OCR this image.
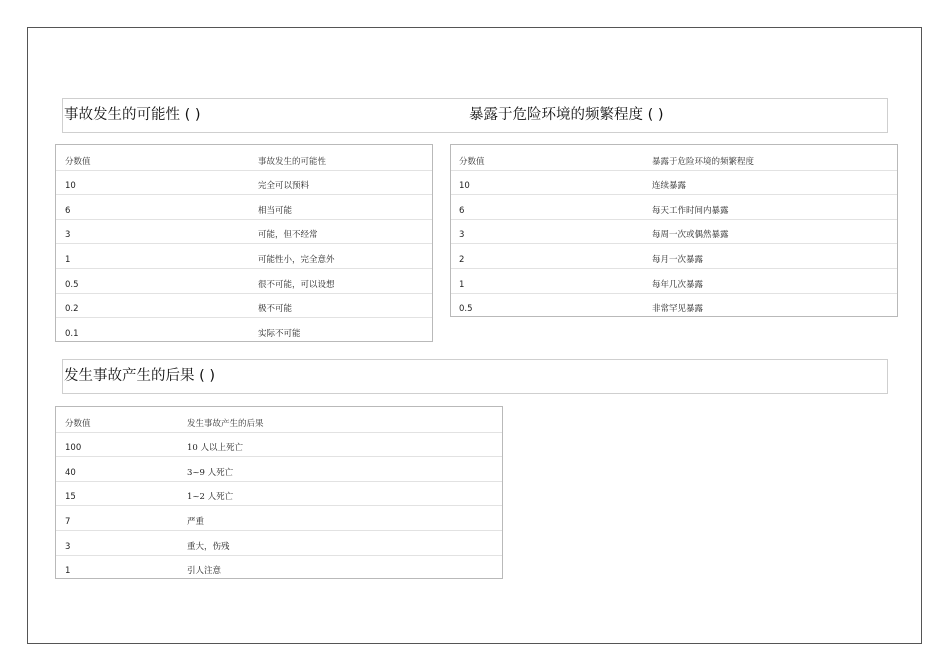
事故发生的可能性 ( )	暴露于危险环境的频繁程度 ( )
分数值	事故发生的可能性
10	完全可以预料
6	相当可能
3	可能，但不经常
1	可能性小，完全意外
0.5	很不可能，可以设想
0.2	极不可能
0.1	实际不可能
分数值	暴露于危险环境的频繁程度
10	连续暴露
6	每天工作时间内暴露
3	每周一次或偶然暴露
2	每月一次暴露
1	每年几次暴露
0.5	非常罕见暴露
发生事故产生的后果 ( )
分数值	发生事故产生的后果
100	10 人以上死亡
40	3~9 人死亡
15	1~2 人死亡
7	严重
3	重大，伤残
1	引人注意
